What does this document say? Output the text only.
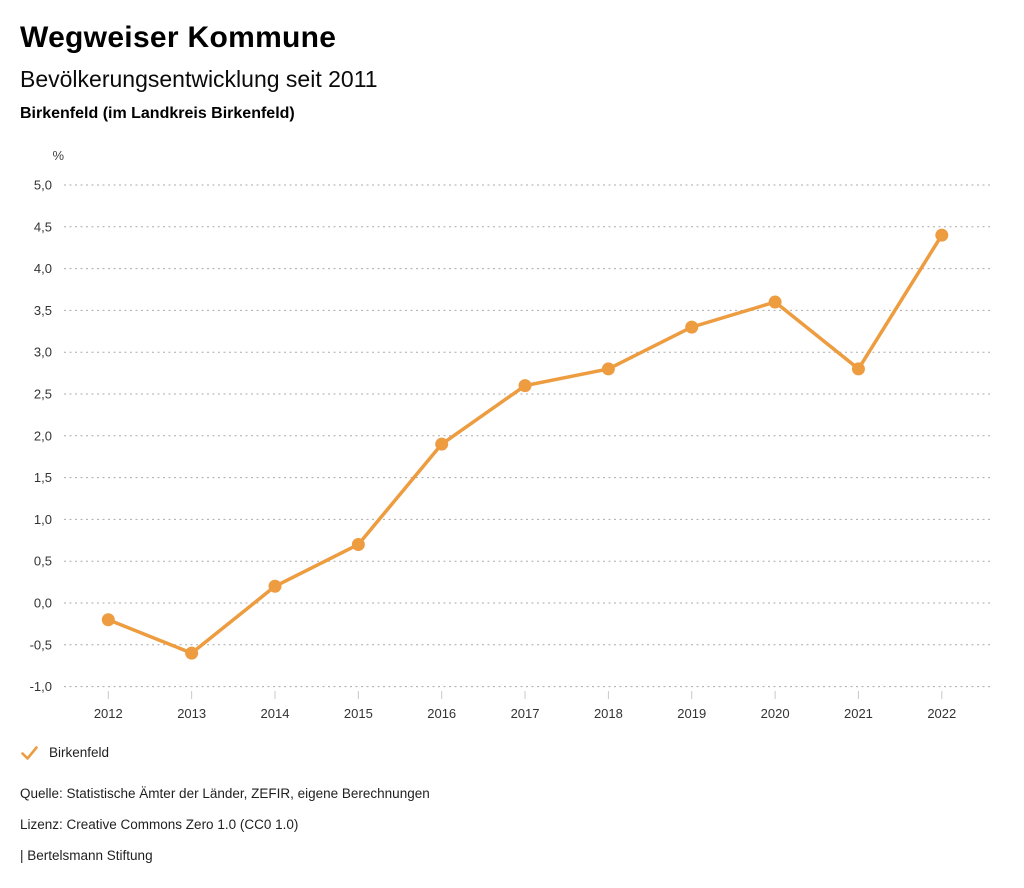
Wegweiser Kommune
Bevölkerungsentwicklung seit 2011
Birkenfeld (im Landkreis Birkenfeld)
%
5,0
4,5
4,0
3,5
3,0
2,5
2,0
1,5
1,0
0,5
0,0
-0,5
-1,0
2012	2013	2014	2015	2016	2017	2018	2019	2020	2021	2022
Birkenfeld
Quelle: Statistische Ämter der Länder, ZEFIR, eigene Berechnungen
Lizenz: Creative Commons Zero 1.0 (CC0 1.0)
| Bertelsmann Stiftung
